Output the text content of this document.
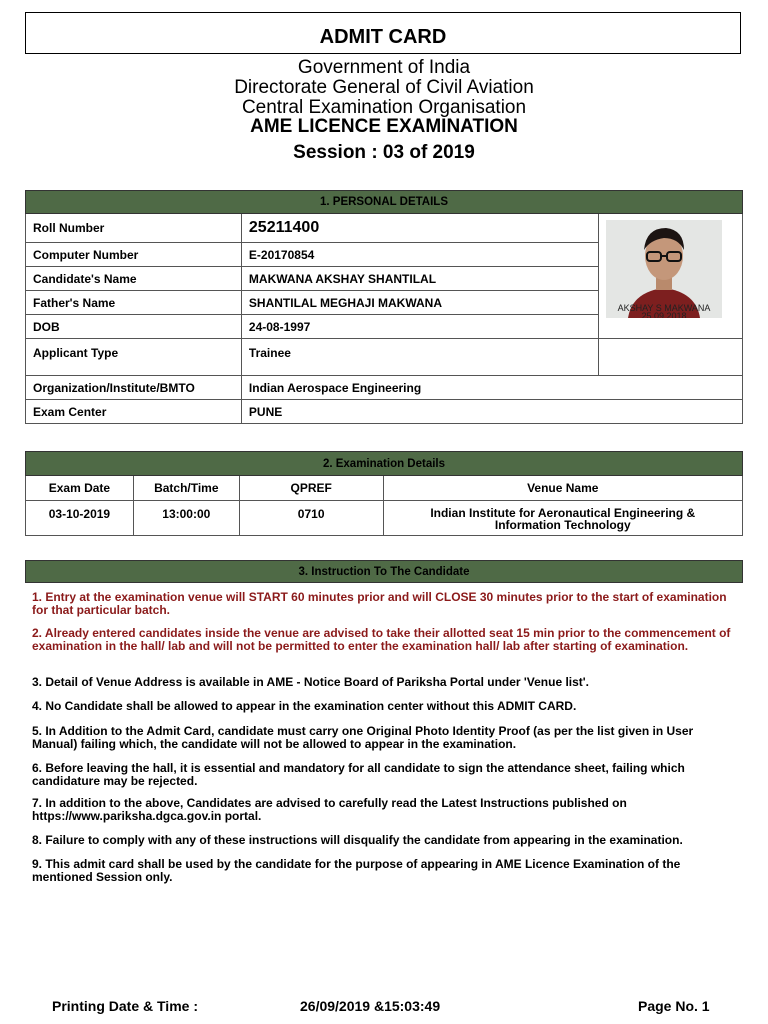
ADMIT CARD
Government of India
Directorate General of Civil Aviation
Central Examination Organisation
AME LICENCE EXAMINATION
Session : 03 of 2019
1. PERSONAL DETAILS		
Roll Number	25211400	
Computer Number	E-20170854	
Candidate's Name	MAKWANA AKSHAY SHANTILAL	
Father's Name	SHANTILAL MEGHAJI MAKWANA	
DOB	24-08-1997	
Applicant Type	Trainee	
Organization/Institute/BMTO	Indian Aerospace Engineering	
Exam Center	PUNE	
AKSHAY S MAKWANA
25.09.2018
2. Examination Details			
Exam Date	Batch/Time	QPREF	Venue Name
03-10-2019	13:00:00	0710	Indian Institute for Aeronautical Engineering & Information Technology
3. Instruction To The Candidate
1. Entry at the examination venue will START 60 minutes prior and will CLOSE 30 minutes prior to the start of examination for that particular batch.
2. Already entered candidates inside the venue are advised to take their allotted seat 15 min prior to the commencement of examination in the hall/ lab and will not be permitted to enter the examination hall/ lab after starting of examination.
3. Detail of Venue Address is available in AME - Notice Board of Pariksha Portal under 'Venue list'.
4. No Candidate shall be allowed to appear in the examination center without this ADMIT CARD.
5. In Addition to the Admit Card, candidate must carry one Original Photo Identity Proof (as per the list given in User Manual) failing which, the candidate will not be allowed to appear in the examination.
6. Before leaving the hall, it is essential and mandatory for all candidate to sign the attendance sheet, failing which candidature may be rejected.
7. In addition to the above, Candidates are advised to carefully read the Latest Instructions published on https://www.pariksha.dgca.gov.in portal.
8. Failure to comply with any of these instructions will disqualify the candidate from appearing in the examination.
9. This admit card shall be used by the candidate for the purpose of appearing in AME Licence Examination of the mentioned Session only.
Printing Date & Time :	26/09/2019 &15:03:49	Page No. 1
